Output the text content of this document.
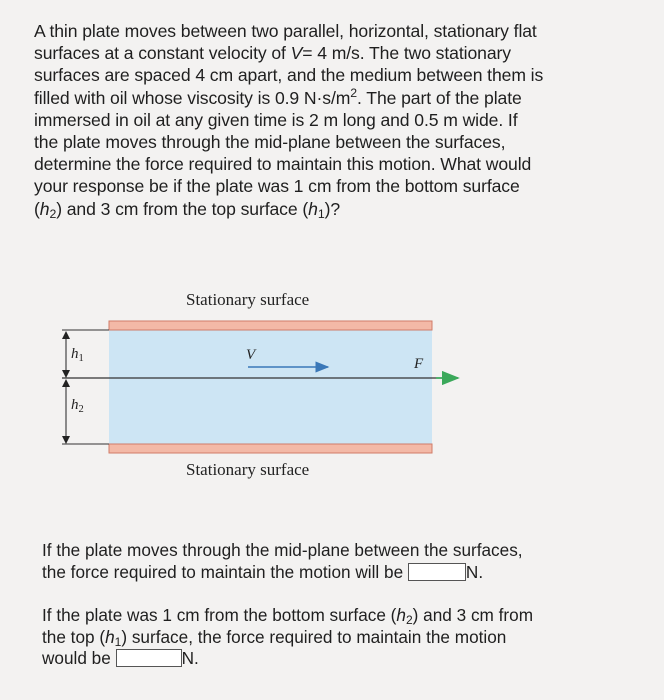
A thin plate moves between two parallel, horizontal, stationary flat
surfaces at a constant velocity of V= 4 m/s. The two stationary
surfaces are spaced 4 cm apart, and the medium between them is
filled with oil whose viscosity is 0.9 $N\cdot s/m^2$. The part of the plate
immersed in oil at any given time is 2 m long and 0.5 m wide. If
the plate moves through the mid-plane between the surfaces,
determine the force required to maintain this motion. What would
your response be if the plate was 1 cm from the bottom surface
$(h_2)$ and 3 cm from the top surface $(h_1)$?
Stationary surface
Stationary surface
V
F
$h_1$
$h_2$
If the plate moves through the mid-plane between the surfaces,
the force required to maintain the motion will be	N.
If the plate was 1 cm from the bottom surface $(h_2)$ and 3 cm from
the top $(h_1)$ surface, the force required to maintain the motion
would be	N.
